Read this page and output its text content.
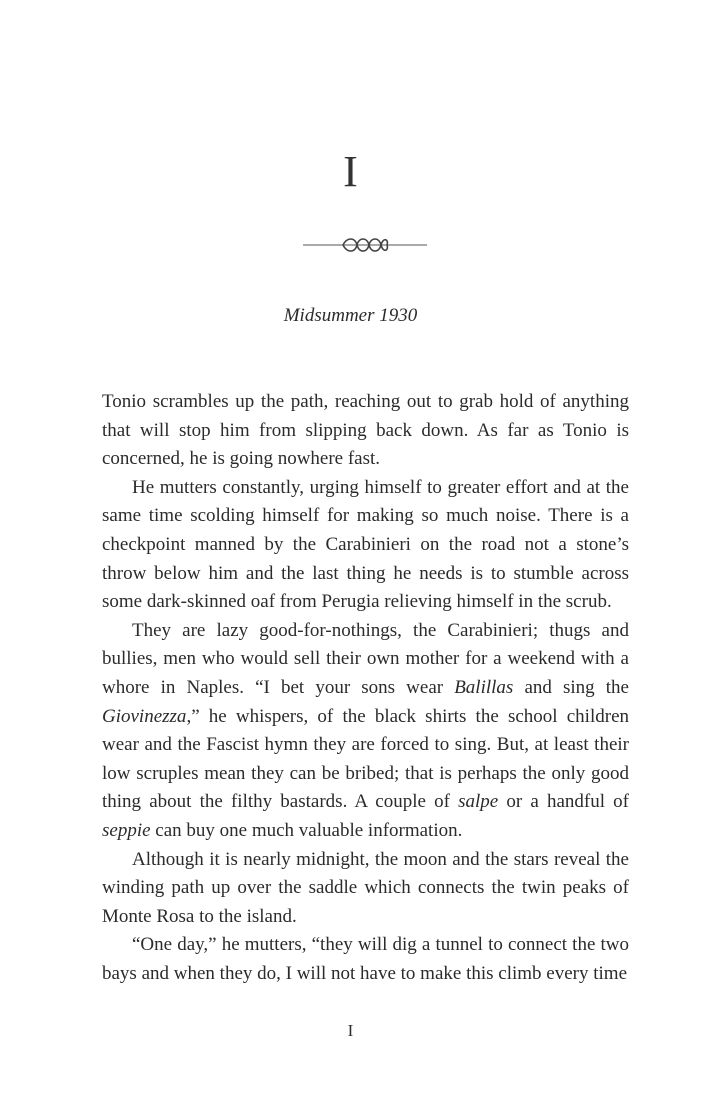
I

Midsummer 1930

Tonio scrambles up the path, reaching out to grab hold of anything that will stop him from slipping back down. As far as Tonio is concerned, he is going nowhere fast.

He mutters constantly, urging himself to greater effort and at the same time scolding himself for making so much noise. There is a checkpoint manned by the Carabinieri on the road not a stone’s throw below him and the last thing he needs is to stumble across some dark-skinned oaf from Perugia relieving himself in the scrub.

They are lazy good-for-nothings, the Carabinieri; thugs and bullies, men who would sell their own mother for a weekend with a whore in Naples. “I bet your sons wear Balillas and sing the Giovinezza,” he whispers, of the black shirts the school children wear and the Fascist hymn they are forced to sing. But, at least their low scruples mean they can be bribed; that is perhaps the only good thing about the filthy bastards. A couple of salpe or a handful of seppie can buy one much valuable information.

Although it is nearly midnight, the moon and the stars reveal the winding path up over the saddle which connects the twin peaks of Monte Rosa to the island.

“One day,” he mutters, “they will dig a tunnel to connect the two bays and when they do, I will not have to make this climb every time

I
